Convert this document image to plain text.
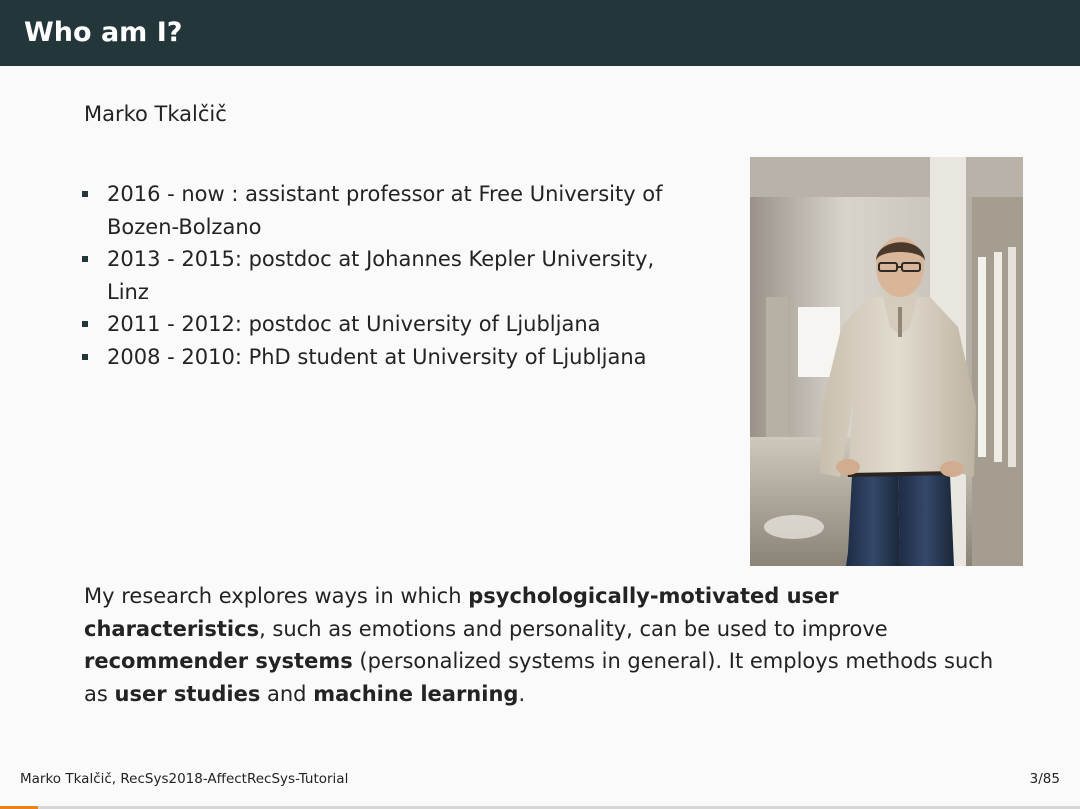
Who am I?
Marko Tkalčič
2016 - now : assistant professor at Free University of Bozen-Bolzano
2013 - 2015: postdoc at Johannes Kepler University, Linz
2011 - 2012: postdoc at University of Ljubljana
2008 - 2010: PhD student at University of Ljubljana

My research explores ways in which psychologically-motivated user characteristics, such as emotions and personality, can be used to improve recommender systems (personalized systems in general). It employs methods such as user studies and machine learning.

Marko Tkalčič, RecSys2018-AffectRecSys-Tutorial	3/85
